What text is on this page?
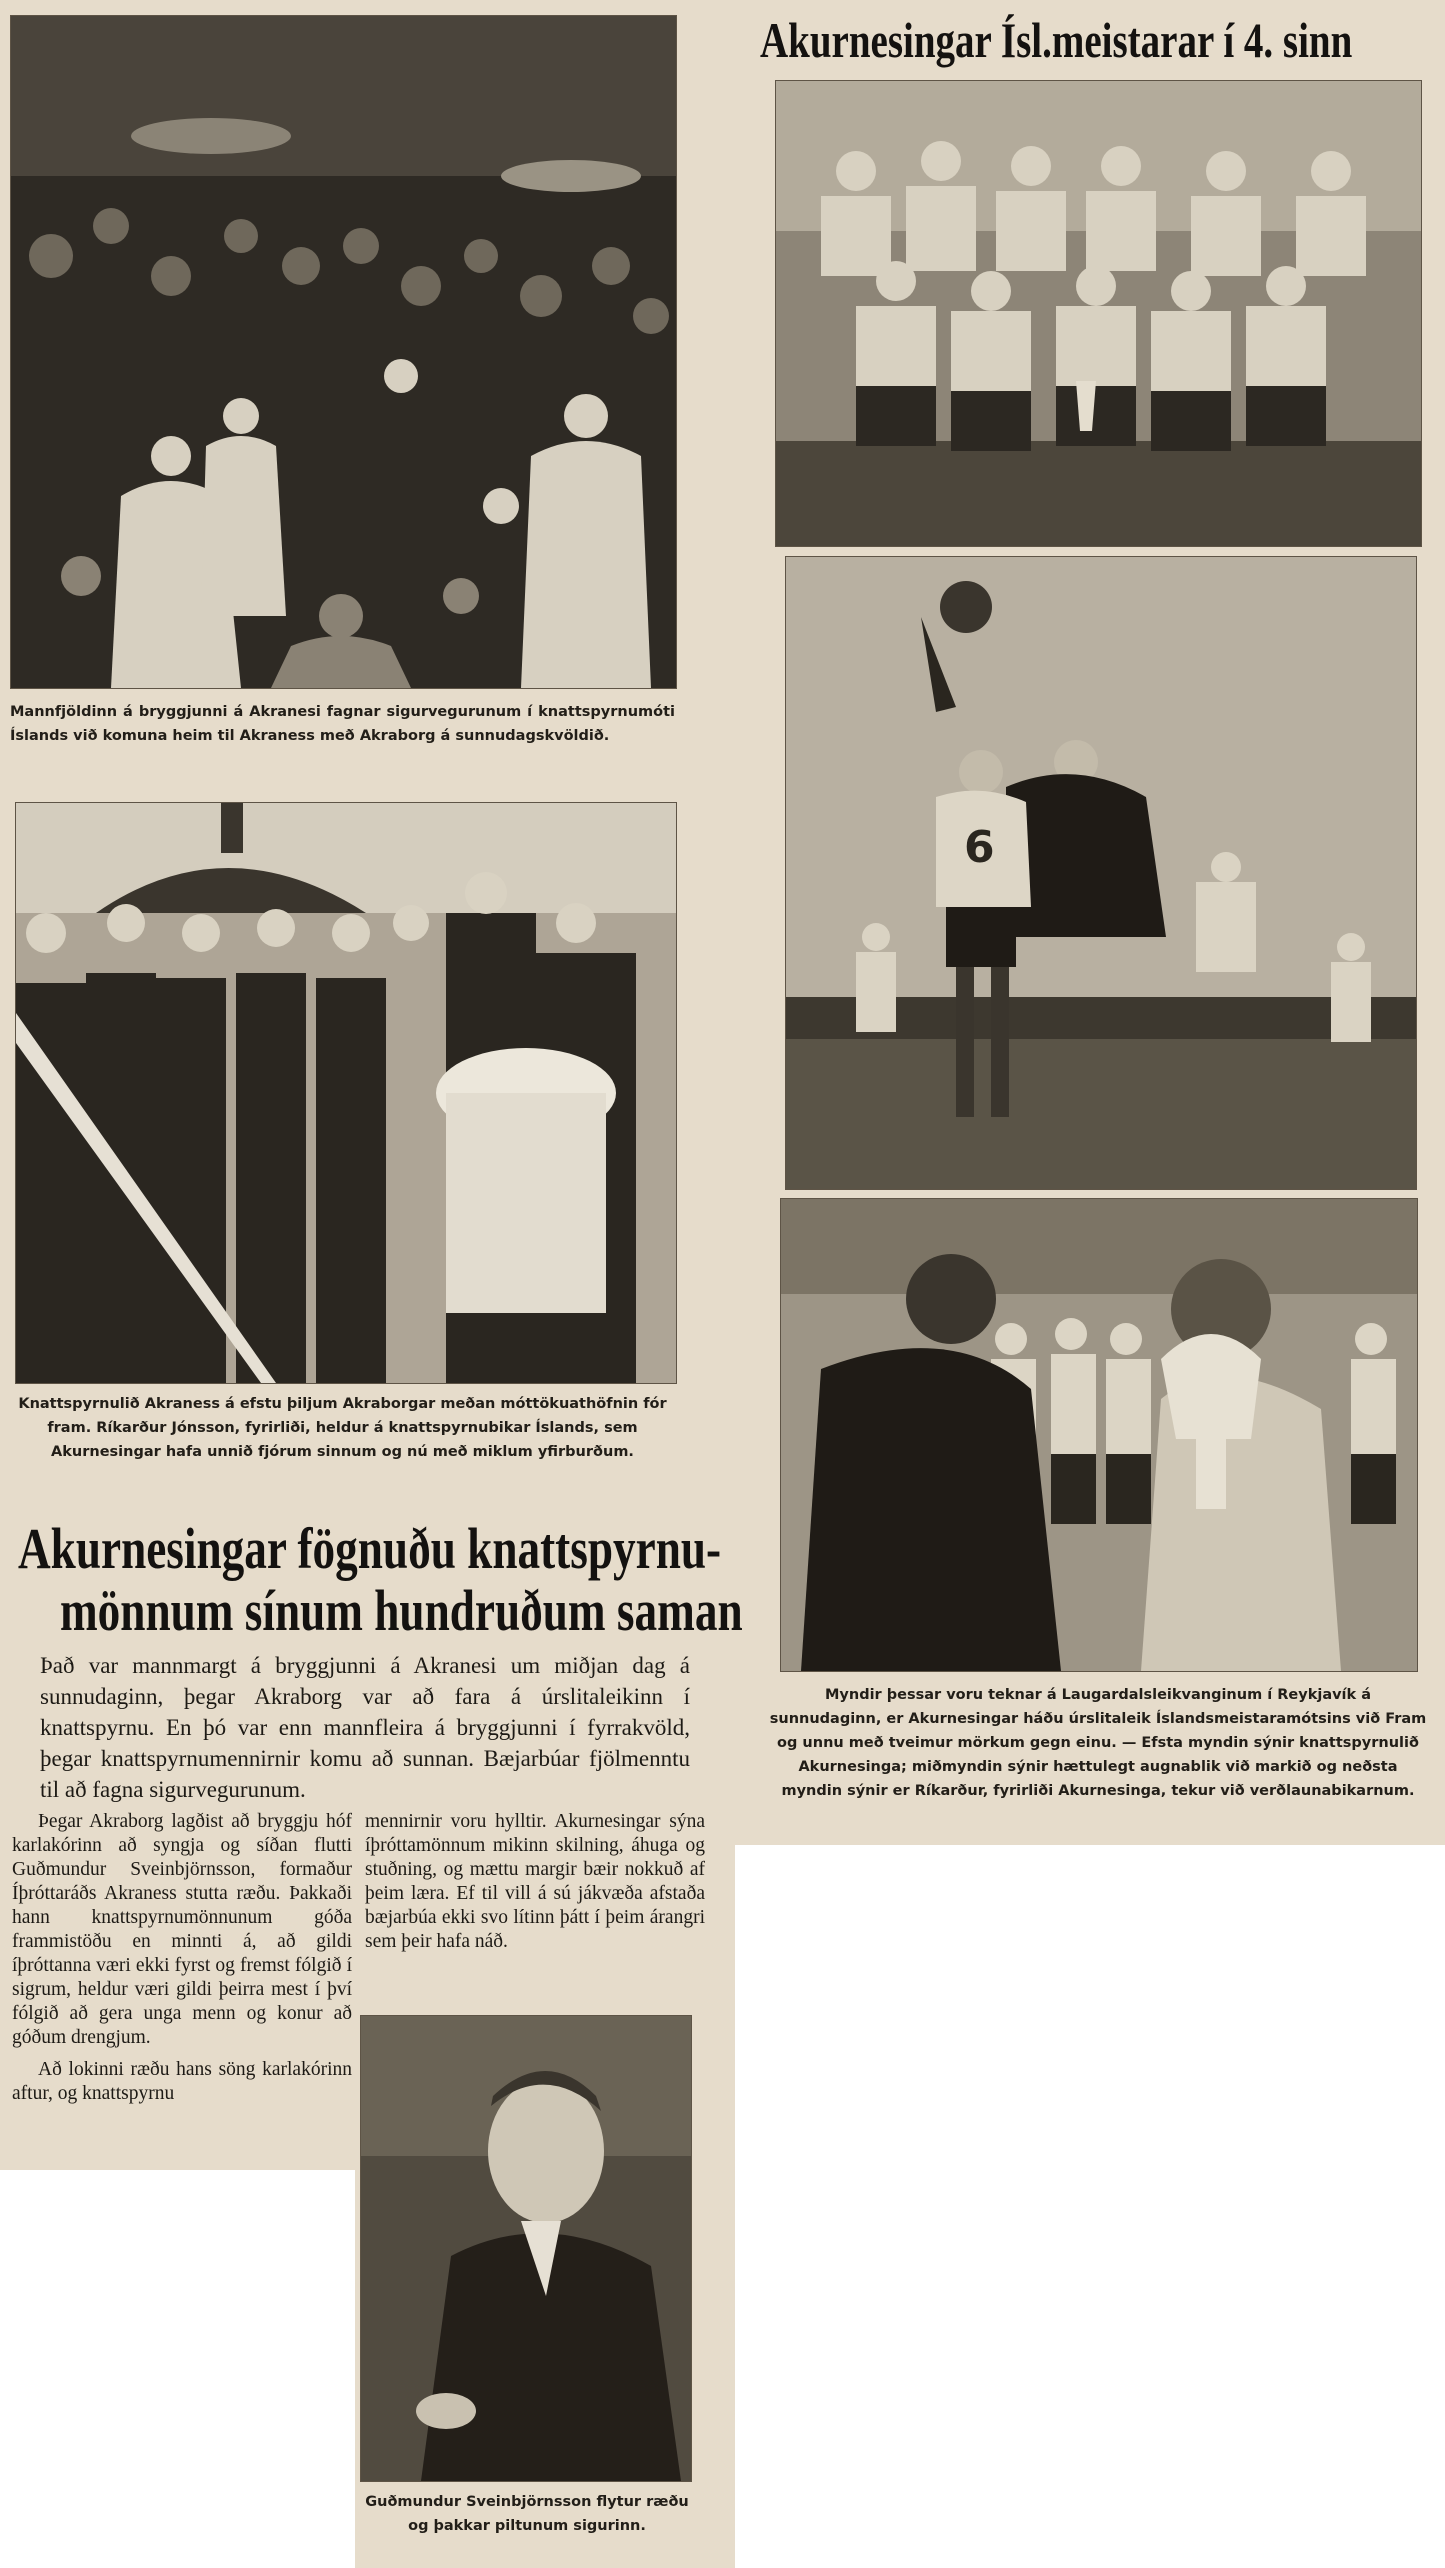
Mannfjöldinn á bryggjunni á Akranesi fagnar sigurvegurunum í knattspyrnumóti Íslands við komuna heim til Akraness með Akraborg á sunnudagskvöldið.

Knattspyrnulið Akraness á efstu þiljum Akraborgar meðan móttökuathöfnin fór fram. Ríkarður Jónsson, fyrirliði, heldur á knattspyrnubikar Íslands, sem Akurnesingar hafa unnið fjórum sinnum og nú með miklum yfirburðum.

Akurnesingar fögnuðu knattspyrnu-
mönnum sínum hundruðum saman

Það var mannmargt á bryggjunni á Akranesi um miðjan dag á sunnudaginn, þegar Akraborg var að fara á úrslitaleikinn í knattspyrnu. En þó var enn mannfleira á bryggjunni í fyrrakvöld, þegar knattspyrnumennirnir komu að sunnan. Bæjarbúar fjölmenntu til að fagna sigurvegurunum.

Þegar Akraborg lagðist að bryggju hóf karlakórinn að syngja og síðan flutti Guðmundur Sveinbjörnsson, formaður Íþróttaráðs Akraness stutta ræðu. Þakkaði hann knattspyrnumönnunum góða frammistöðu en minnti á, að gildi íþróttanna væri ekki fyrst og fremst fólgið í sigrum, heldur væri gildi þeirra mest í því fólgið að gera unga menn og konur að góðum drengjum.

Að lokinni ræðu hans söng karlakórinn aftur, og knattspyrnu

mennirnir voru hylltir. Akurnesingar sýna íþróttamönnum mikinn skilning, áhuga og stuðning, og mættu margir bæir nokkuð af þeim læra. Ef til vill á sú jákvæða afstaða bæjarbúa ekki svo lítinn þátt í þeim árangri sem þeir hafa náð.

Guðmundur Sveinbjörnsson flytur ræðu og þakkar piltunum sigurinn.

Akurnesingar Ísl.meistarar í 4. sinn
6

Myndir þessar voru teknar á Laugardalsleikvanginum í Reykjavík á sunnudaginn, er Akurnesingar háðu úrslitaleik Íslandsmeistaramótsins við Fram og unnu með tveimur mörkum gegn einu. — Efsta myndin sýnir knattspyrnulið Akurnesinga; miðmyndin sýnir hættulegt augnablik við markið og neðsta myndin sýnir er Ríkarður, fyrirliði Akurnesinga, tekur við verðlaunabikarnum.
